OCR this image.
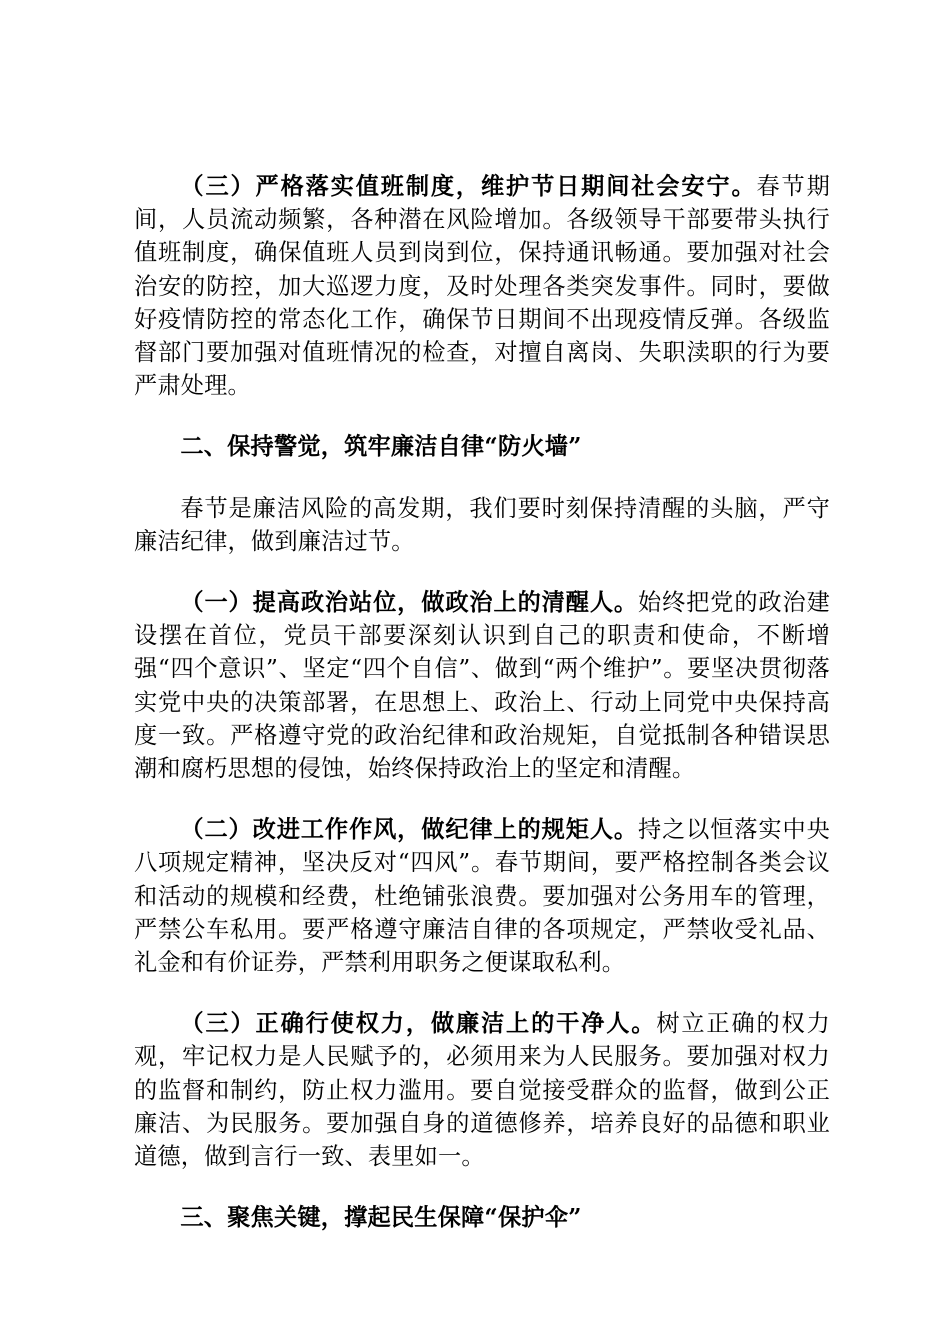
（三）严格落实值班制度，维护节日期间社会安宁。春节期间，人员流动频繁，各种潜在风险增加。各级领导干部要带头执行值班制度，确保值班人员到岗到位，保持通讯畅通。要加强对社会治安的防控，加大巡逻力度，及时处理各类突发事件。同时，要做好疫情防控的常态化工作，确保节日期间不出现疫情反弹。各级监督部门要加强对值班情况的检查，对擅自离岗、失职渎职的行为要严肃处理。

二、保持警觉，筑牢廉洁自律“防火墙”

春节是廉洁风险的高发期，我们要时刻保持清醒的头脑，严守廉洁纪律，做到廉洁过节。

（一）提高政治站位，做政治上的清醒人。始终把党的政治建设摆在首位，党员干部要深刻认识到自己的职责和使命，不断增强“四个意识”、坚定“四个自信”、做到“两个维护”。要坚决贯彻落实党中央的决策部署，在思想上、政治上、行动上同党中央保持高度一致。严格遵守党的政治纪律和政治规矩，自觉抵制各种错误思潮和腐朽思想的侵蚀，始终保持政治上的坚定和清醒。

（二）改进工作作风，做纪律上的规矩人。持之以恒落实中央八项规定精神，坚决反对“四风”。春节期间，要严格控制各类会议和活动的规模和经费，杜绝铺张浪费。要加强对公务用车的管理，严禁公车私用。要严格遵守廉洁自律的各项规定，严禁收受礼品、礼金和有价证券，严禁利用职务之便谋取私利。

（三）正确行使权力，做廉洁上的干净人。树立正确的权力观，牢记权力是人民赋予的，必须用来为人民服务。要加强对权力的监督和制约，防止权力滥用。要自觉接受群众的监督，做到公正廉洁、为民服务。要加强自身的道德修养，培养良好的品德和职业道德，做到言行一致、表里如一。

三、聚焦关键，撑起民生保障“保护伞”
